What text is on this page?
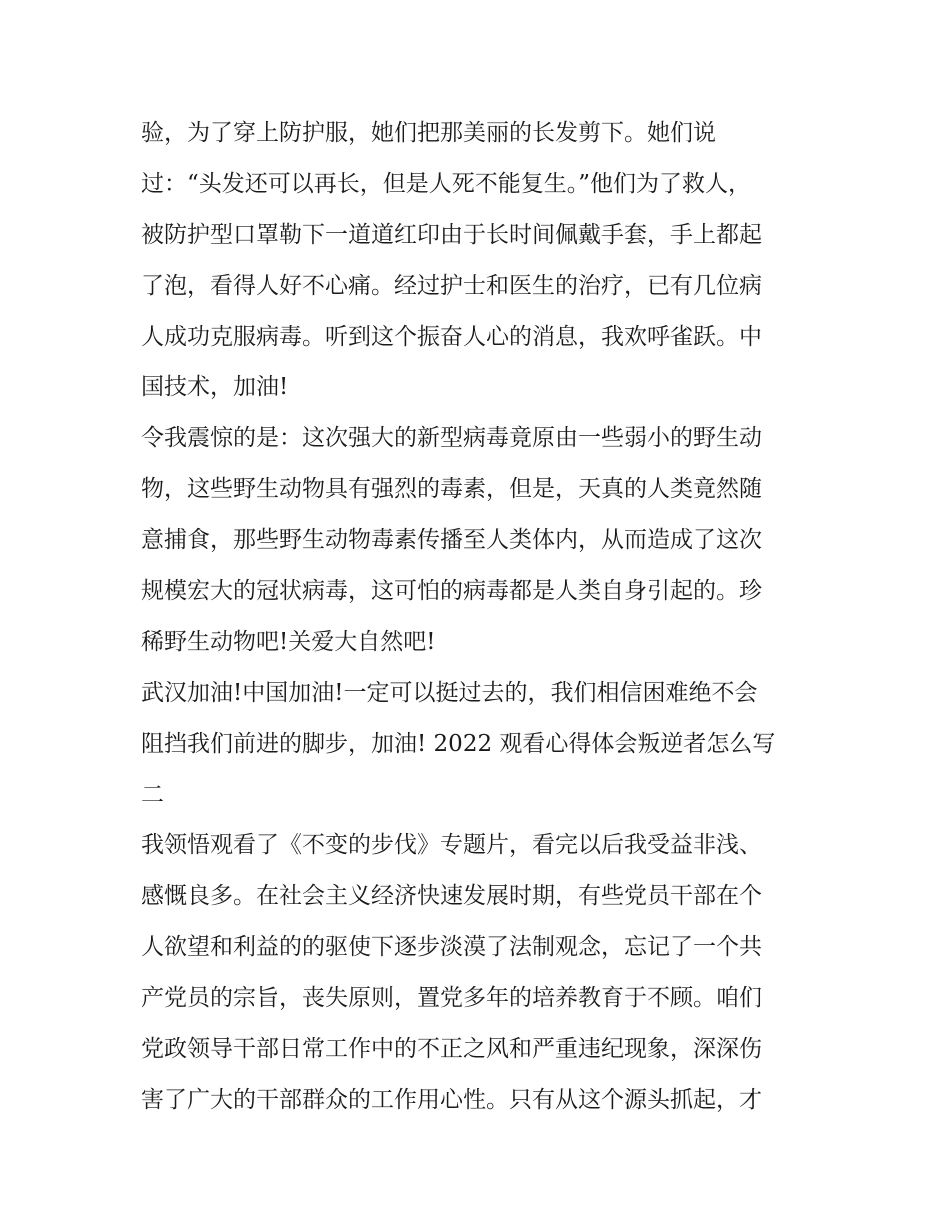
验，为了穿上防护服，她们把那美丽的长发剪下。她们说
过：“头发还可以再长，但是人死不能复生。”他们为了救人，
被防护型口罩勒下一道道红印由于长时间佩戴手套，手上都起
了泡，看得人好不心痛。经过护士和医生的治疗，已有几位病
人成功克服病毒。听到这个振奋人心的消息，我欢呼雀跃。中
国技术，加油!
令我震惊的是：这次强大的新型病毒竟原由一些弱小的野生动
物，这些野生动物具有强烈的毒素，但是，天真的人类竟然随
意捕食，那些野生动物毒素传播至人类体内，从而造成了这次
规模宏大的冠状病毒，这可怕的病毒都是人类自身引起的。珍
稀野生动物吧!关爱大自然吧!
武汉加油!中国加油!一定可以挺过去的，我们相信困难绝不会
阻挡我们前进的脚步，加油! 2022 观看心得体会叛逆者怎么写
二
我领悟观看了《不变的步伐》专题片，看完以后我受益非浅、
感慨良多。在社会主义经济快速发展时期，有些党员干部在个
人欲望和利益的的驱使下逐步淡漠了法制观念，忘记了一个共
产党员的宗旨，丧失原则，置党多年的培养教育于不顾。咱们
党政领导干部日常工作中的不正之风和严重违纪现象，深深伤
害了广大的干部群众的工作用心性。只有从这个源头抓起，才
